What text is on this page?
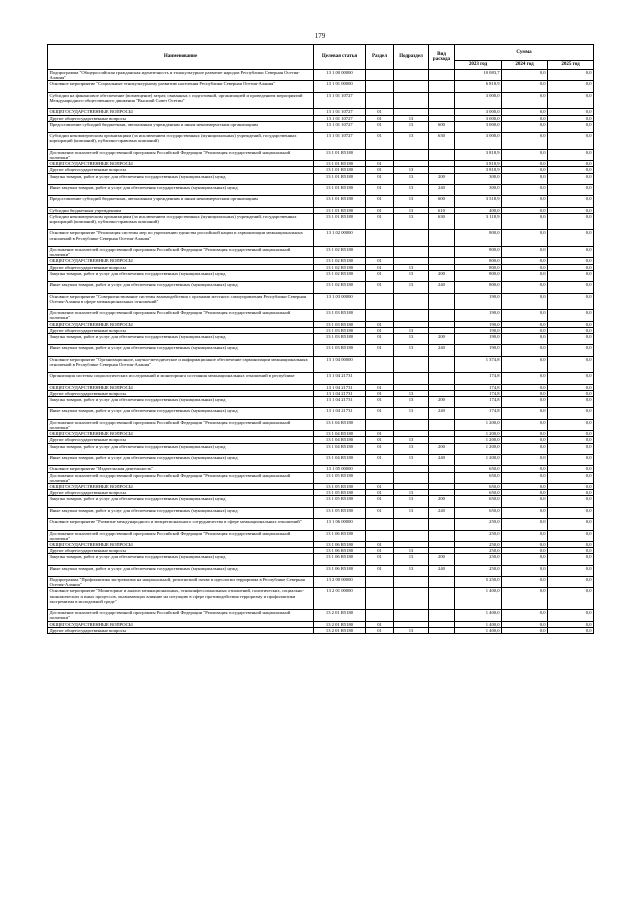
179
Наименование	Целевая статья	Раздел	Подраздел	Вид расхода	Сумма		
					2023 год	2024 год	2025 год
Подпрограмма "Общероссийская гражданская идентичность и этнокультурное развитие народов Республики Северная Осетия-Алания"	13 1 00 00000				10 083,7	0,0	0,0
Основное мероприятие "Социальные этнокультурному развитию населения Республики Северная Осетия-Алания"	13 1 01 00000				6 818,9	0,0	0,0
Субсидии на финансовое обеспечение (возмещение) затрат, связанных с подготовкой, организацией и проведением мероприятий Международного общественного движения "Высший Совет Осетин"	13 1 01 10727				3 000,0	0,0	0,0
ОБЩЕГОСУДАРСТВЕННЫЕ ВОПРОСЫ	13 1 01 10727	01			3 000,0	0,0	0,0
Другие общегосударственные вопросы	13 1 01 10727	01	13		3 000,0	0,0	0,0
Предоставление субсидий бюджетным, автономным учреждениям и иным некоммерческим организациям	13 1 01 10727	01	13	600	3 000,0	0,0	0,0
Субсидии некоммерческим организациям (за исключением государственных (муниципальных) учреждений, государственных корпораций (компаний), публично-правовых компаний)	13 1 01 10727	01	13	630	3 000,0	0,0	0,0
Достижение показателей государственной программы Российской Федерации "Реализация государственной национальной политики"	13 1 01 R5180				3 818,9	0,0	0,0
ОБЩЕГОСУДАРСТВЕННЫЕ ВОПРОСЫ	13 1 01 R5180	01			3 818,9	0,0	0,0
Другие общегосударственные вопросы	13 1 01 R5180	01	13		3 818,9	0,0	0,0
Закупка товаров, работ и услуг для обеспечения государственных (муниципальных) нужд	13 1 01 R5180	01	13	200	300,0	0,0	0,0
Иные закупки товаров, работ и услуг для обеспечения государственных (муниципальных) нужд	13 1 01 R5180	01	13	240	300,0	0,0	0,0
Предоставление субсидий бюджетным, автономным учреждениям и иным некоммерческим организациям	13 1 01 R5180	01	13	600	3 518,9	0,0	0,0
Субсидии бюджетным учреждениям	13 1 01 R5180	01	13	610	400,0	0,0	0,0
Субсидии некоммерческим организациям (за исключением государственных (муниципальных) учреждений, государственных корпораций (компаний), публично-правовых компаний)	13 1 01 R5180	01	13	630	3 118,9	0,0	0,0
Основное мероприятие "Реализация системы мер по укреплению единства российской нации и гармонизации межнациональных отношений в Республике Северная Осетия-Алания"	13 1 02 00000				800,0	0,0	0,0
Достижение показателей государственной программы Российской Федерации "Реализация государственной национальной политики"	13 1 02 R5180				800,0	0,0	0,0
ОБЩЕГОСУДАРСТВЕННЫЕ ВОПРОСЫ	13 1 02 R5180	01			800,0	0,0	0,0
Другие общегосударственные вопросы	13 1 02 R5180	01	13		800,0	0,0	0,0
Закупка товаров, работ и услуг для обеспечения государственных (муниципальных) нужд	13 1 02 R5180	01	13	200	800,0	0,0	0,0
Иные закупки товаров, работ и услуг для обеспечения государственных (муниципальных) нужд	13 1 02 R5180	01	13	240	800,0	0,0	0,0
Основное мероприятие "Совершенствование системы взаимодействия с органами местного самоуправления Республики Северная Осетия-Алания в сфере межнациональных отношений"	13 1 03 00000				190,0	0,0	0,0
Достижение показателей государственной программы Российской Федерации "Реализация государственной национальной политики"	13 1 03 R5180				190,0	0,0	0,0
ОБЩЕГОСУДАРСТВЕННЫЕ ВОПРОСЫ	13 1 03 R5180	01			190,0	0,0	0,0
Другие общегосударственные вопросы	13 1 03 R5180	01	13		190,0	0,0	0,0
Закупка товаров, работ и услуг для обеспечения государственных (муниципальных) нужд	13 1 03 R5180	01	13	200	190,0	0,0	0,0
Иные закупки товаров, работ и услуг для обеспечения государственных (муниципальных) нужд	13 1 03 R5180	01	13	240	190,0	0,0	0,0
Основное мероприятие "Организационное, научно-методическое и информационное обеспечение гармонизации межнациональных отношений в Республике Северная Осетия-Алания"	13 1 04 00000				1 374,8	0,0	0,0
Организация системы социологических исследований и мониторинга состояния межнациональных отношений в республике	13 1 04 21731				174,8	0,0	0,0
ОБЩЕГОСУДАРСТВЕННЫЕ ВОПРОСЫ	13 1 04 21731	01			174,8	0,0	0,0
Другие общегосударственные вопросы	13 1 04 21731	01	13		174,8	0,0	0,0
Закупка товаров, работ и услуг для обеспечения государственных (муниципальных) нужд	13 1 04 21731	01	13	200	174,8	0,0	0,0
Иные закупки товаров, работ и услуг для обеспечения государственных (муниципальных) нужд	13 1 04 21731	01	13	240	174,8	0,0	0,0
Достижение показателей государственной программы Российской Федерации "Реализация государственной национальной политики"	13 1 04 R5180				1 200,0	0,0	0,0
ОБЩЕГОСУДАРСТВЕННЫЕ ВОПРОСЫ	13 1 04 R5180	01			1 200,0	0,0	0,0
Другие общегосударственные вопросы	13 1 04 R5180	01	13		1 200,0	0,0	0,0
Закупка товаров, работ и услуг для обеспечения государственных (муниципальных) нужд	13 1 04 R5180	01	13	200	1 200,0	0,0	0,0
Иные закупки товаров, работ и услуг для обеспечения государственных (муниципальных) нужд	13 1 04 R5180	01	13	240	1 200,0	0,0	0,0
Основное мероприятие "Издательская деятельность"	13 1 05 00000				650,0	0,0	0,0
Достижение показателей государственной программы Российской Федерации "Реализация государственной национальной политики"	13 1 05 R5180				650,0	0,0	0,0
ОБЩЕГОСУДАРСТВЕННЫЕ ВОПРОСЫ	13 1 05 R5180	01			650,0	0,0	0,0
Другие общегосударственные вопросы	13 1 05 R5180	01	13		650,0	0,0	0,0
Закупка товаров, работ и услуг для обеспечения государственных (муниципальных) нужд	13 1 05 R5180	01	13	200	650,0	0,0	0,0
Иные закупки товаров, работ и услуг для обеспечения государственных (муниципальных) нужд	13 1 05 R5180	01	13	240	650,0	0,0	0,0
Основное мероприятие "Развитие международного и межрегионального сотрудничества в сфере межнациональных отношений"	13 1 06 00000				250,0	0,0	0,0
Достижение показателей государственной программы Российской Федерации "Реализация государственной национальной политики"	13 1 06 R5180				250,0	0,0	0,0
ОБЩЕГОСУДАРСТВЕННЫЕ ВОПРОСЫ	13 1 06 R5180	01			250,0	0,0	0,0
Другие общегосударственные вопросы	13 1 06 R5180	01	13		250,0	0,0	0,0
Закупка товаров, работ и услуг для обеспечения государственных (муниципальных) нужд	13 1 06 R5180	01	13	200	250,0	0,0	0,0
Иные закупки товаров, работ и услуг для обеспечения государственных (муниципальных) нужд	13 1 06 R5180	01	13	240	250,0	0,0	0,0
Подпрограмма "Профилактика экстремизма на национальной, религиозной почве и идеологии терроризма в Республике Северная Осетия-Алания"	13 2 00 00000				5 250,0	0,0	0,0
Основное мероприятие "Мониторинг и анализ межнациональных, этноконфессиональных отношений, политических, социально-экономических и иных процессов, оказывающих влияние на ситуацию в сфере противодействия терроризму и профилактики экстремизма в молодежной среде"	13 2 01 00000				1 400,0	0,0	0,0
Достижение показателей государственной программы Российской Федерации "Реализация государственной национальной политики"	13 2 01 R5180				1 400,0	0,0	0,0
ОБЩЕГОСУДАРСТВЕННЫЕ ВОПРОСЫ	13 2 01 R5180	01			1 400,0	0,0	0,0
Другие общегосударственные вопросы	13 2 01 R5180	01	13		1 400,0	0,0	0,0
